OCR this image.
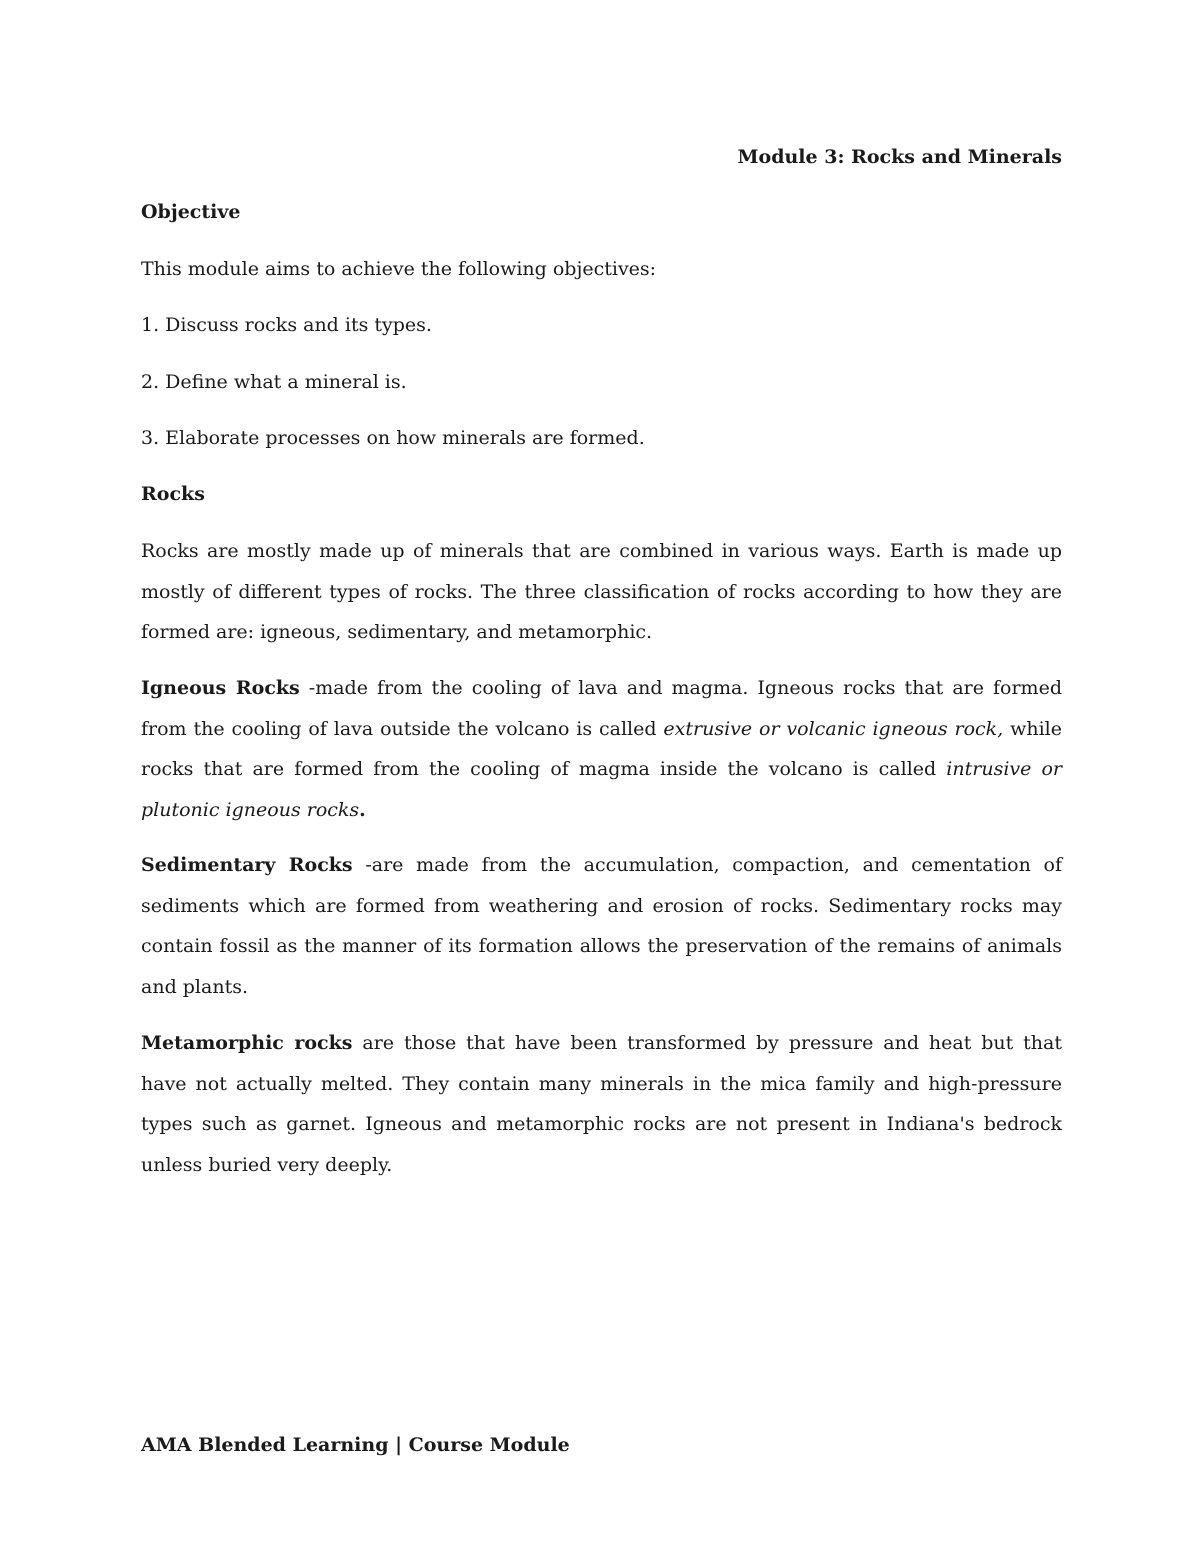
Module 3: Rocks and Minerals

Objective

This module aims to achieve the following objectives:

1. Discuss rocks and its types.

2. Define what a mineral is.

3. Elaborate processes on how minerals are formed.

Rocks

Rocks are mostly made up of minerals that are combined in various ways. Earth is made up mostly of different types of rocks. The three classification of rocks according to how they are formed are: igneous, sedimentary, and metamorphic.

Igneous Rocks -made from the cooling of lava and magma. Igneous rocks that are formed from the cooling of lava outside the volcano is called extrusive or volcanic igneous rock, while rocks that are formed from the cooling of magma inside the volcano is called intrusive or plutonic igneous rocks.

Sedimentary Rocks -are made from the accumulation, compaction, and cementation of sediments which are formed from weathering and erosion of rocks. Sedimentary rocks may contain fossil as the manner of its formation allows the preservation of the remains of animals and plants.

Metamorphic rocks are those that have been transformed by pressure and heat but that have not actually melted. They contain many minerals in the mica family and high-pressure types such as garnet. Igneous and metamorphic rocks are not present in Indiana's bedrock unless buried very deeply.

AMA Blended Learning | Course Module
